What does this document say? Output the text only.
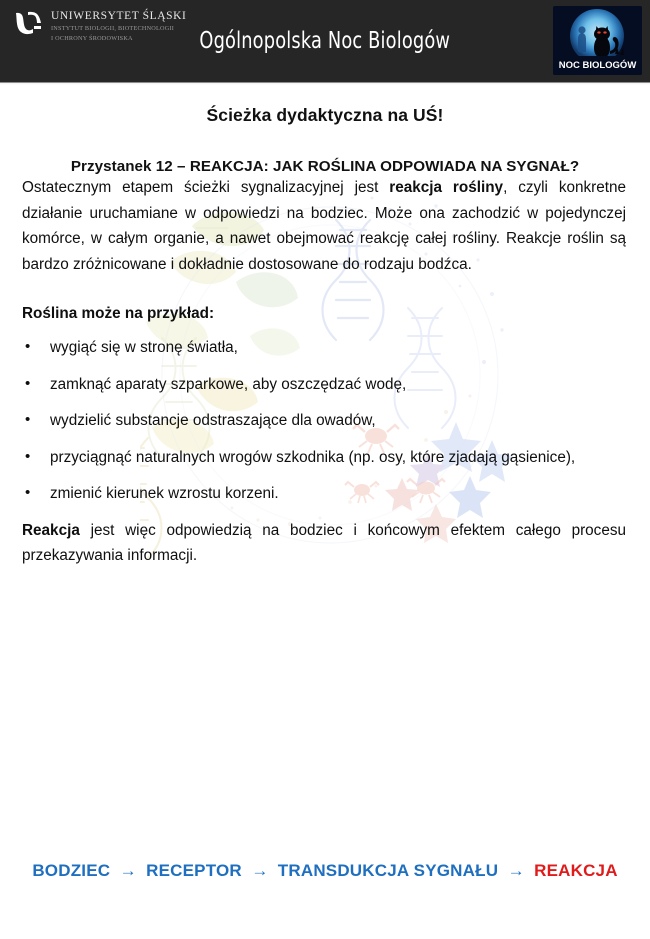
UNIWERSYTET ŚLĄSKI
INSTYTUT BIOLOGII, BIOTECHNOLOGII
I OCHRONY ŚRODOWISKA	Ogólnopolska Noc Biologów
NOC BIOLOGÓW
Ścieżka dydaktyczna na UŚ!
Przystanek 12 – REAKCJA: JAK ROŚLINA ODPOWIADA NA SYGNAŁ?

Ostatecznym etapem ścieżki sygnalizacyjnej jest reakcja rośliny, czyli konkretne działanie uruchamiane w odpowiedzi na bodziec. Może ona zachodzić w pojedynczej komórce, w całym organie, a nawet obejmować reakcję całej rośliny. Reakcje roślin są bardzo zróżnicowane i dokładnie dostosowane do rodzaju bodźca.

Roślina może na przykład:
• wygiąć się w stronę światła,
• zamknąć aparaty szparkowe, aby oszczędzać wodę,
• wydzielić substancje odstraszające dla owadów,
• przyciągnąć naturalnych wrogów szkodnika (np. osy, które zjadają gąsienice),
• zmienić kierunek wzrostu korzeni.

Reakcja jest więc odpowiedzią na bodziec i końcowym efektem całego procesu przekazywania informacji.

BODZIEC → RECEPTOR → TRANSDUKCJA SYGNAŁU → REAKCJA
